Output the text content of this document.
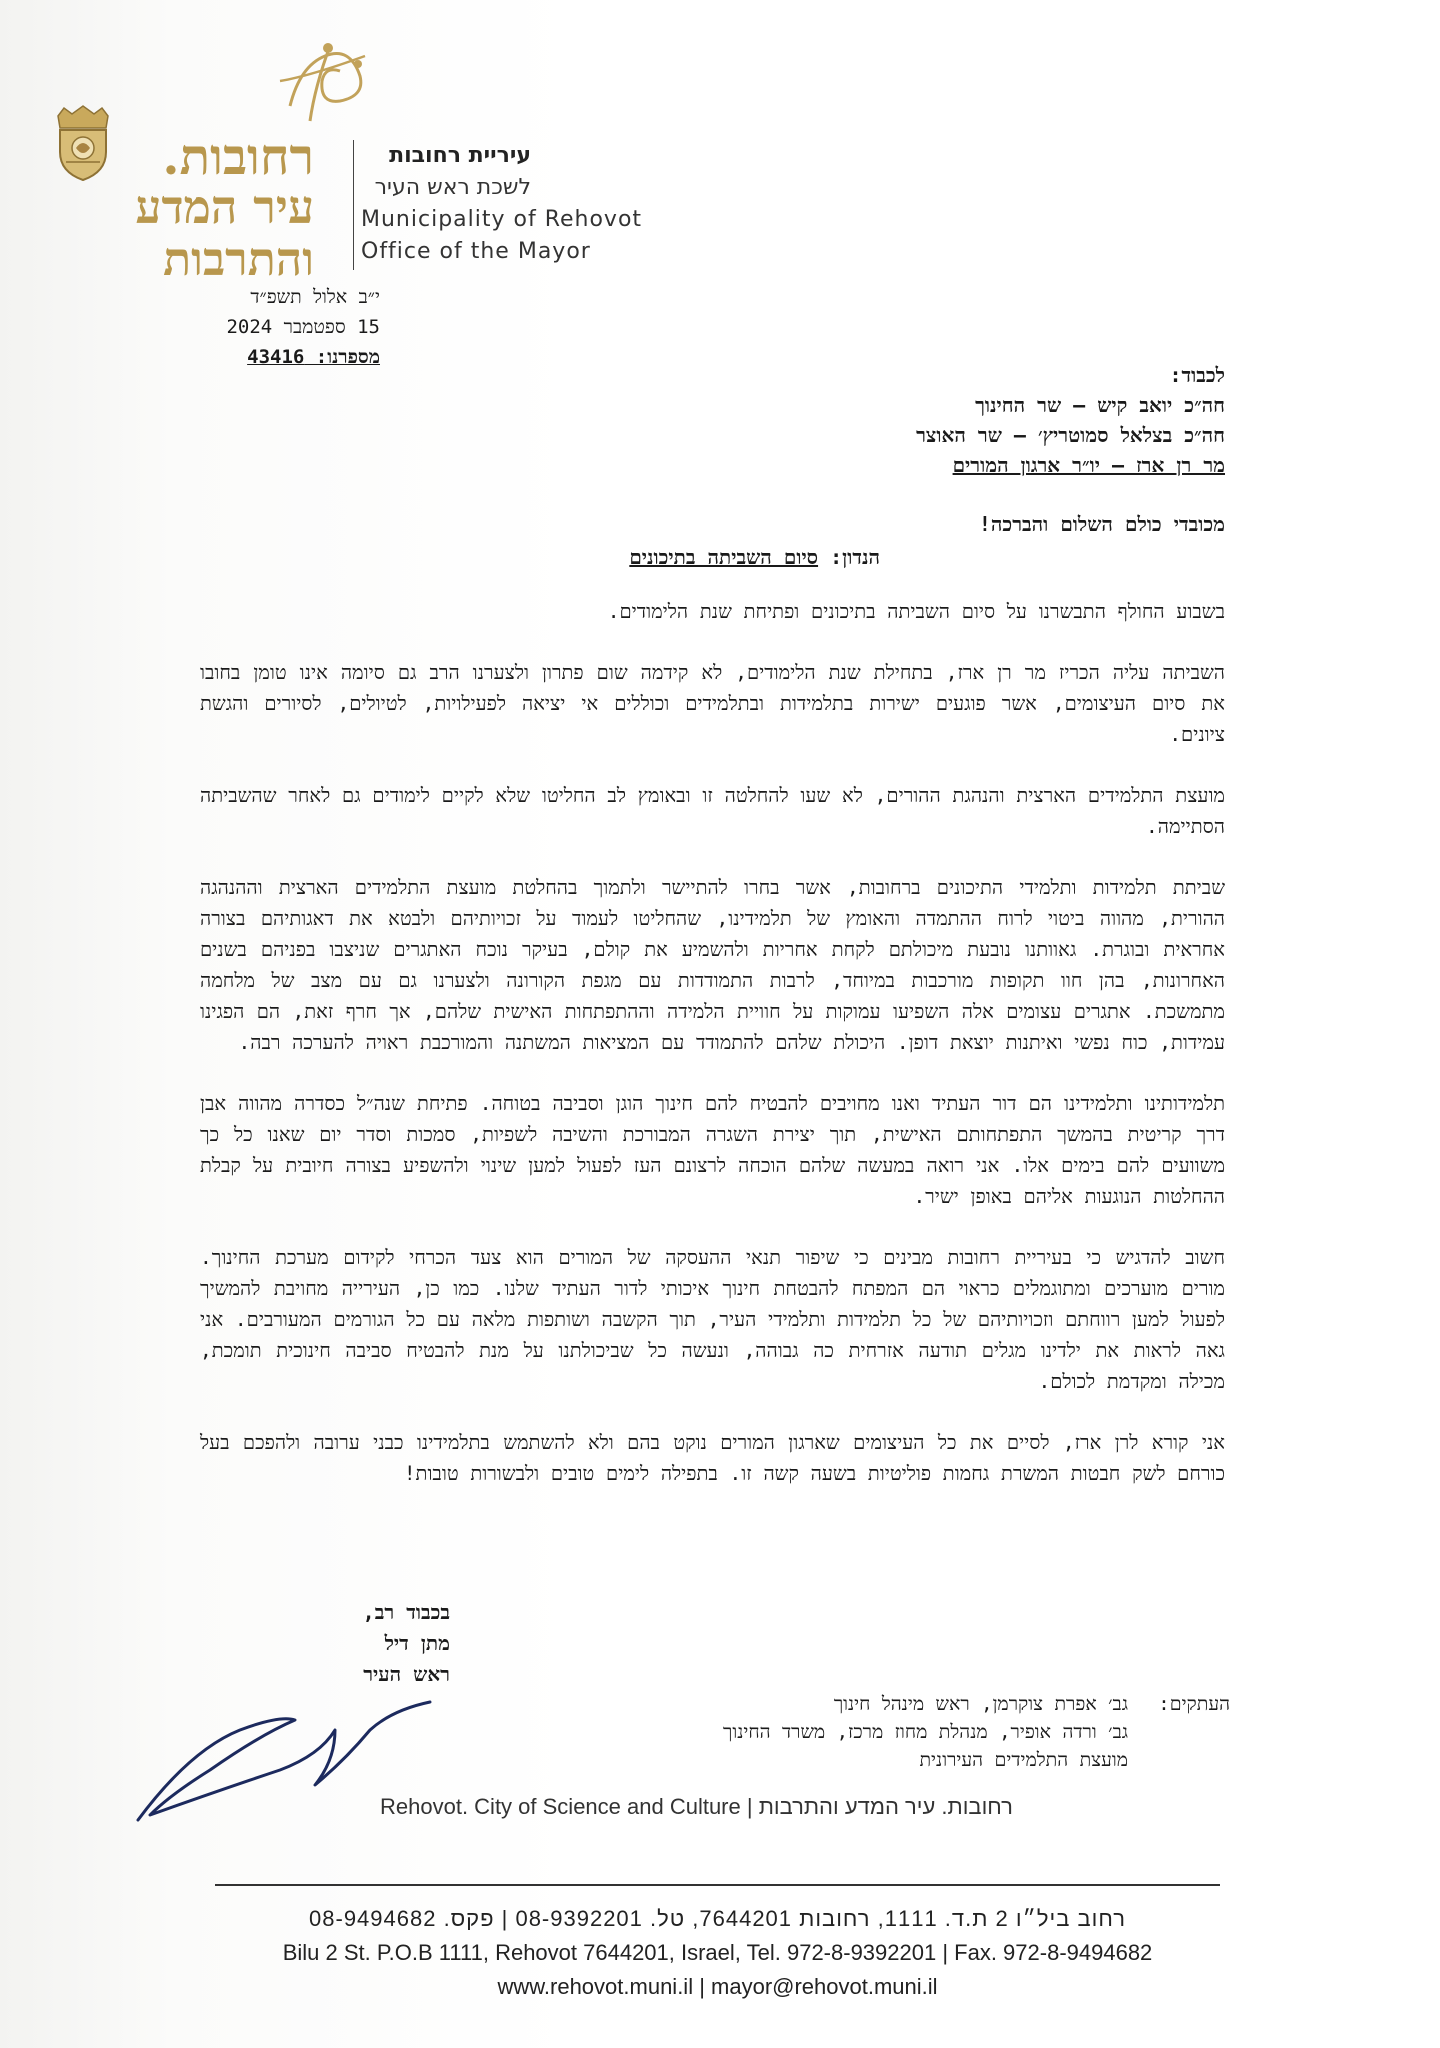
רחובות.
עיר המדע
והתרבות
עיריית רחובות
לשכת ראש העיר
Municipality of Rehovot
Office of the Mayor
י״ב אלול תשפ״ד
15 ספטמבר 2024
מספרנו: 43416
לכבוד:
חה״כ יואב קיש – שר החינוך
חה״כ בצלאל סמוטריץ׳ – שר האוצר
מר רן ארז – יו״ר ארגון המורים
מכובדי כולם השלום והברכה!
הנדון: סיום השביתה בתיכונים

בשבוע החולף התבשרנו על סיום השביתה בתיכונים ופתיחת שנת הלימודים.

השביתה עליה הכריז מר רן ארז, בתחילת שנת הלימודים, לא קידמה שום פתרון ולצערנו הרב גם סיומה אינו טומן בחובו את סיום העיצומים, אשר פוגעים ישירות בתלמידות ובתלמידים וכוללים אי יציאה לפעילויות, לטיולים, לסיורים והגשת ציונים.

מועצת התלמידים הארצית והנהגת ההורים, לא שעו להחלטה זו ובאומץ לב החליטו שלא לקיים לימודים גם לאחר שהשביתה הסתיימה.

שביתת תלמידות ותלמידי התיכונים ברחובות, אשר בחרו להתיישר ולתמוך בהחלטת מועצת התלמידים הארצית וההנהגה ההורית, מהווה ביטוי לרוח ההתמדה והאומץ של תלמידינו, שהחליטו לעמוד על זכויותיהם ולבטא את דאגותיהם בצורה אחראית ובוגרת. גאוותנו נובעת מיכולתם לקחת אחריות ולהשמיע את קולם, בעיקר נוכח האתגרים שניצבו בפניהם בשנים האחרונות, בהן חוו תקופות מורכבות במיוחד, לרבות התמודדות עם מגפת הקורונה ולצערנו גם עם מצב של מלחמה מתמשכת. אתגרים עצומים אלה השפיעו עמוקות על חוויית הלמידה וההתפתחות האישית שלהם, אך חרף זאת, הם הפגינו עמידות, כוח נפשי ואיתנות יוצאת דופן. היכולת שלהם להתמודד עם המציאות המשתנה והמורכבת ראויה להערכה רבה.

תלמידותינו ותלמידינו הם דור העתיד ואנו מחויבים להבטיח להם חינוך הוגן וסביבה בטוחה. פתיחת שנה״ל כסדרה מהווה אבן דרך קריטית בהמשך התפתחותם האישית, תוך יצירת השגרה המבורכת והשיבה לשפיות, סמכות וסדר יום שאנו כל כך משוועים להם בימים אלו. אני רואה במעשה שלהם הוכחה לרצונם העז לפעול למען שינוי ולהשפיע בצורה חיובית על קבלת ההחלטות הנוגעות אליהם באופן ישיר.

חשוב להדגיש כי בעיריית רחובות מבינים כי שיפור תנאי ההעסקה של המורים הוא צעד הכרחי לקידום מערכת החינוך. מורים מוערכים ומתוגמלים כראוי הם המפתח להבטחת חינוך איכותי לדור העתיד שלנו. כמו כן, העירייה מחויבת להמשיך לפעול למען רווחתם וזכויותיהם של כל תלמידות ותלמידי העיר, תוך הקשבה ושותפות מלאה עם כל הגורמים המעורבים. אני גאה לראות את ילדינו מגלים תודעה אזרחית כה גבוהה, ונעשה כל שביכולתנו על מנת להבטיח סביבה חינוכית תומכת, מכילה ומקדמת לכולם.

אני קורא לרן ארז, לסיים את כל העיצומים שארגון המורים נוקט בהם ולא להשתמש בתלמידינו כבני ערובה ולהפכם בעל כורחם לשק חבטות המשרת גחמות פוליטיות בשעה קשה זו. בתפילה לימים טובים ולבשורות טובות!

בכבוד רב,
מתן דיל
ראש העיר
העתקים:
גב׳ אפרת צוקרמן, ראש מינהל חינוך
גב׳ ורדה אופיר, מנהלת מחוז מרכז, משרד החינוך
מועצת התלמידים העירונית
Rehovot. City of Science and Culture | רחובות. עיר המדע והתרבות
רחוב ביל״ו 2 ת.ד. 1111, רחובות 7644201, טל. 08-9392201 | פקס. 08-9494682
Bilu 2 St. P.O.B 1111, Rehovot 7644201, Israel, Tel. 972-8-9392201 | Fax. 972-8-9494682
www.rehovot.muni.il | mayor@rehovot.muni.il
